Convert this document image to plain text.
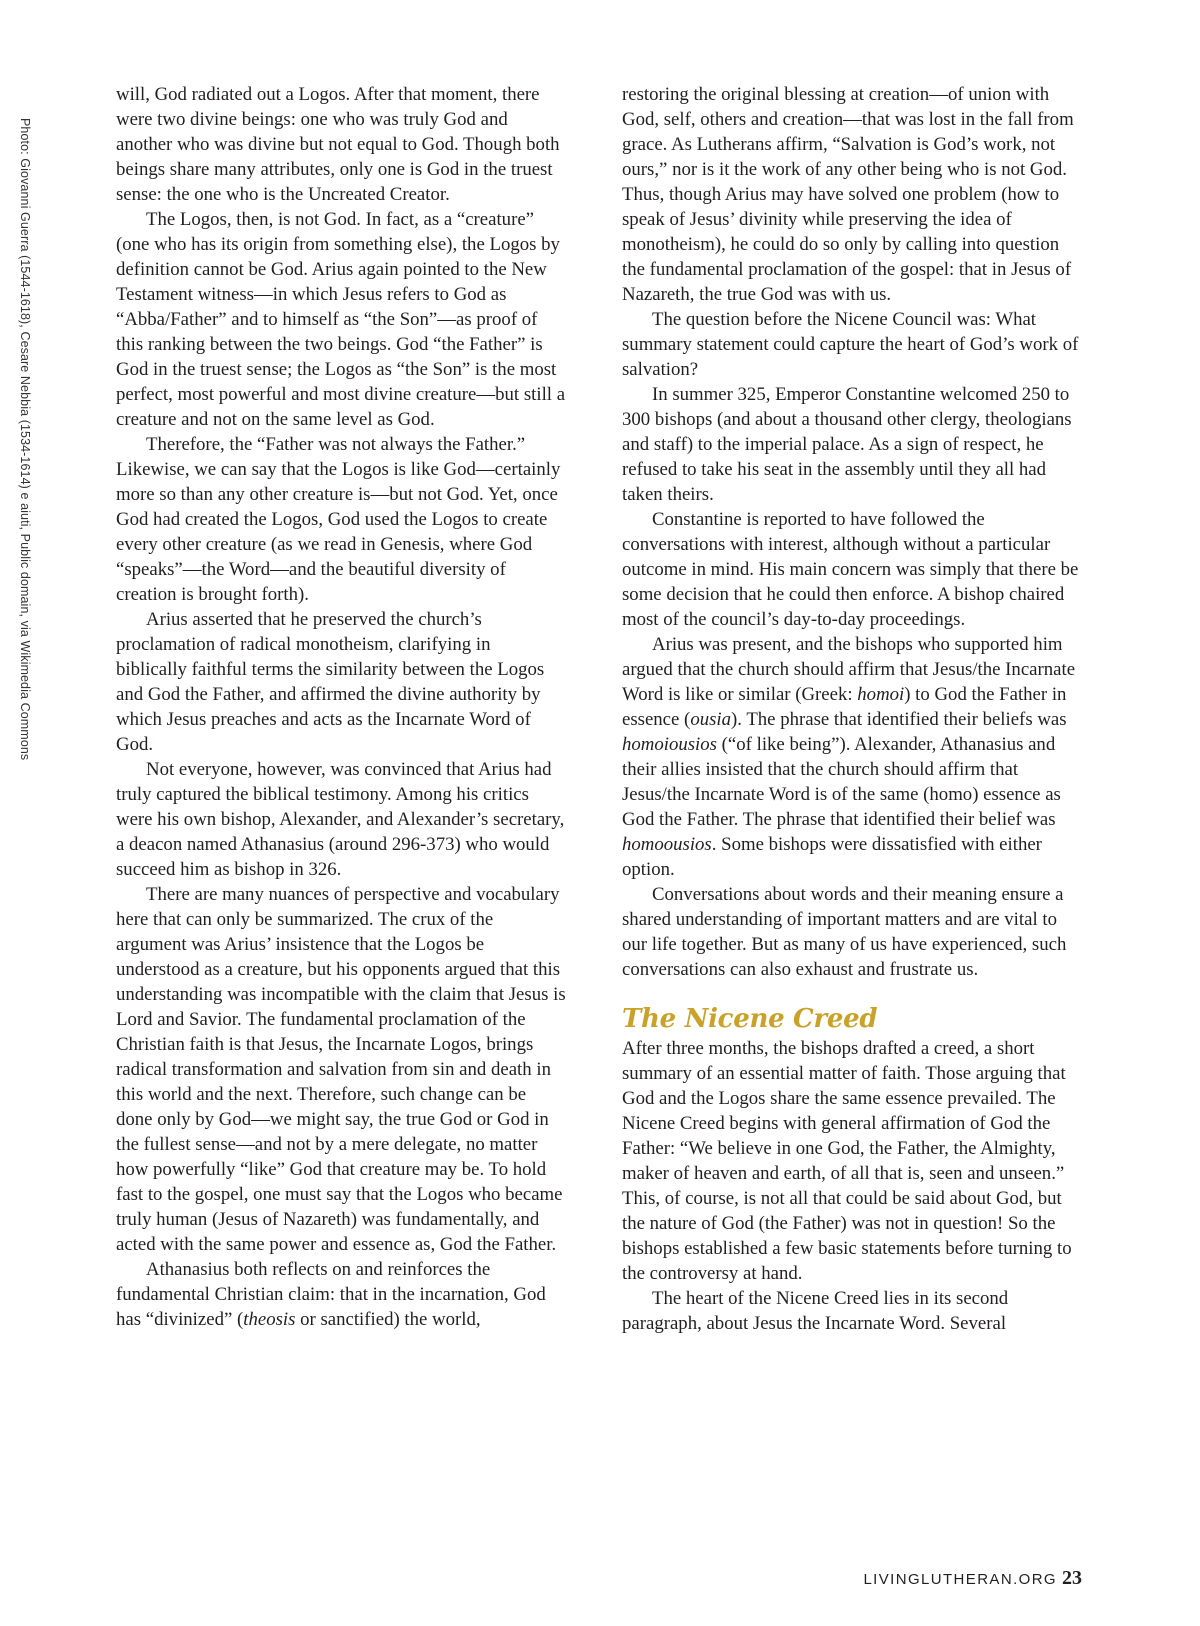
Photo: Giovanni Guerra (1544-1618), Cesare Nebbia (1534-1614) e aiuti, Public domain, via Wikimedia Commons

will, God radiated out a Logos. After that moment, there were two divine beings: one who was truly God and another who was divine but not equal to God. Though both beings share many attributes, only one is God in the truest sense: the one who is the Uncreated Creator.

The Logos, then, is not God. In fact, as a “creature” (one who has its origin from something else), the Logos by definition cannot be God. Arius again pointed to the New Testament witness—in which Jesus refers to God as “Abba/Father” and to himself as “the Son”—as proof of this ranking between the two beings. God “the Father” is God in the truest sense; the Logos as “the Son” is the most perfect, most powerful and most divine creature—but still a creature and not on the same level as God.

Therefore, the “Father was not always the Father.” Likewise, we can say that the Logos is like God—certainly more so than any other creature is—but not God. Yet, once God had created the Logos, God used the Logos to create every other creature (as we read in Genesis, where God “speaks”—the Word—and the beautiful diversity of creation is brought forth).

Arius asserted that he preserved the church’s proclamation of radical monotheism, clarifying in biblically faithful terms the similarity between the Logos and God the Father, and affirmed the divine authority by which Jesus preaches and acts as the Incarnate Word of God.

Not everyone, however, was convinced that Arius had truly captured the biblical testimony. Among his critics were his own bishop, Alexander, and Alexander’s secretary, a deacon named Athanasius (around 296-373) who would succeed him as bishop in 326.

There are many nuances of perspective and vocabulary here that can only be summarized. The crux of the argument was Arius’ insistence that the Logos be understood as a creature, but his opponents argued that this understanding was incompatible with the claim that Jesus is Lord and Savior. The fundamental proclamation of the Christian faith is that Jesus, the Incarnate Logos, brings radical transformation and salvation from sin and death in this world and the next. Therefore, such change can be done only by God—we might say, the true God or God in the fullest sense—and not by a mere delegate, no matter how powerfully “like” God that creature may be. To hold fast to the gospel, one must say that the Logos who became truly human (Jesus of Nazareth) was fundamentally, and acted with the same power and essence as, God the Father.

Athanasius both reflects on and reinforces the fundamental Christian claim: that in the incarnation, God has “divinized” (theosis or sanctified) the world,

restoring the original blessing at creation—of union with God, self, others and creation—that was lost in the fall from grace. As Lutherans affirm, “Salvation is God’s work, not ours,” nor is it the work of any other being who is not God. Thus, though Arius may have solved one problem (how to speak of Jesus’ divinity while preserving the idea of monotheism), he could do so only by calling into question the fundamental proclamation of the gospel: that in Jesus of Nazareth, the true God was with us.

The question before the Nicene Council was: What summary statement could capture the heart of God’s work of salvation?

In summer 325, Emperor Constantine welcomed 250 to 300 bishops (and about a thousand other clergy, theologians and staff) to the imperial palace. As a sign of respect, he refused to take his seat in the assembly until they all had taken theirs.

Constantine is reported to have followed the conversations with interest, although without a particular outcome in mind. His main concern was simply that there be some decision that he could then enforce. A bishop chaired most of the council’s day-to-day proceedings.

Arius was present, and the bishops who supported him argued that the church should affirm that Jesus/the Incarnate Word is like or similar (Greek: homoi) to God the Father in essence (ousia). The phrase that identified their beliefs was homoiousios (“of like being”). Alexander, Athanasius and their allies insisted that the church should affirm that Jesus/the Incarnate Word is of the same (homo) essence as God the Father. The phrase that identified their belief was homoousios. Some bishops were dissatisfied with either option.

Conversations about words and their meaning ensure a shared understanding of important matters and are vital to our life together. But as many of us have experienced, such conversations can also exhaust and frustrate us.

The Nicene Creed

After three months, the bishops drafted a creed, a short summary of an essential matter of faith. Those arguing that God and the Logos share the same essence prevailed. The Nicene Creed begins with general affirmation of God the Father: “We believe in one God, the Father, the Almighty, maker of heaven and earth, of all that is, seen and unseen.” This, of course, is not all that could be said about God, but the nature of God (the Father) was not in question! So the bishops established a few basic statements before turning to the controversy at hand.

The heart of the Nicene Creed lies in its second paragraph, about Jesus the Incarnate Word. Several

LIVINGLUTHERAN.ORG 23
